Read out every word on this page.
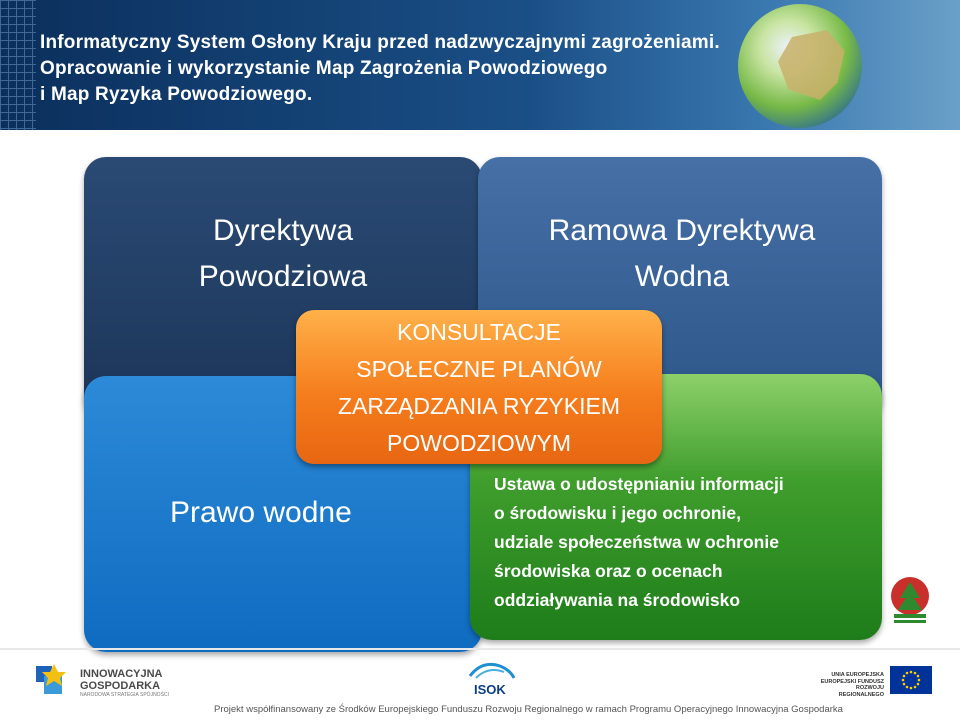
Informatyczny System Osłony Kraju przed nadzwyczajnymi zagrożeniami.
Opracowanie i wykorzystanie Map Zagrożenia Powodziowego
i Map Ryzyka Powodziowego.
Dyrektywa
Powodziowa
Ramowa Dyrektywa
Wodna
Prawo wodne
Ustawa o udostępnianiu informacji
o środowisku i jego ochronie,
udziale społeczeństwa w ochronie
środowiska oraz o ocenach
oddziaływania na środowisko
KONSULTACJE
SPOŁECZNE PLANÓW
ZARZĄDZANIA RYZYKIEM
POWODZIOWYM
INNOWACYJNA
GOSPODARKA
NARODOWA STRATEGIA SPÓJNOŚCI	ISOK
UNIA EUROPEJSKA
EUROPEJSKI FUNDUSZ
ROZWOJU REGIONALNEGO
Projekt współfinansowany ze Środków Europejskiego Funduszu Rozwoju Regionalnego w ramach Programu Operacyjnego Innowacyjna Gospodarka
